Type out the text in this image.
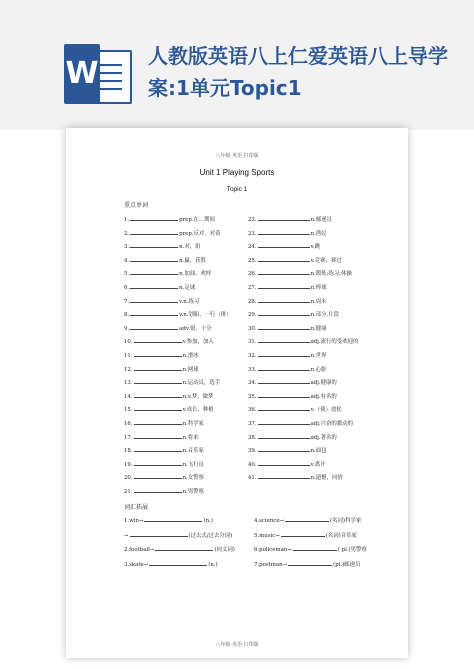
W 人教版英语八上仁爱英语八上导学案:1单元Topic1
八年级·英语·打印版
Unit 1 Playing Sports
Topic 1
重点单词
1.	prep.在...期间
2.	prep.反对，对着
3.	n.对，组
4.	n.赢，获胜
5.	n.加油，欢呼
6.	n.足球
7.	v.n.练习
8.	v.n.划船，一行（排）
9.	adv.很，十分
10.	v.参加，加入
11.	n.滑冰
12.	n.网球
13.	n.运动员，选手
14.	n.v.梦，做梦
15.	v.成长，种植
16.	n.科学家
17.	n.将来
18.	n.音乐家
19.	n.飞行员
20.	n.女警察
21.	n.男警察
22.	n.邮递员
23.	n.渔民
24.	v.跳
25.	v.竞赛，赛过
26.	n.锻炼;练习;体操
27.	n.棒球
28.	n.周末
29.	n.部分,片段
30.	n.健康
31.	adj.流行的受欢迎的
32.	n.世界
33.	n.心脏
34.	adj.健康的
35.	adj.有名的
36.	v.（使）放松
37.	adj.兴奋的激动的
38.	adj.著名的
39.	n.面包
40.	v.离开
41.	n.遗憾，同情
词汇拓展
1.win→	(n.)
→	(过去式/过去分词)
2.football→	(同义词)
3.skate→	(n.)
4.science→	(名词)科学家
5.music→	(名词)音乐家
6.policeman→	( pl.)男警察
7.postman→	(pl.)邮递员
八年级·英语·打印版
